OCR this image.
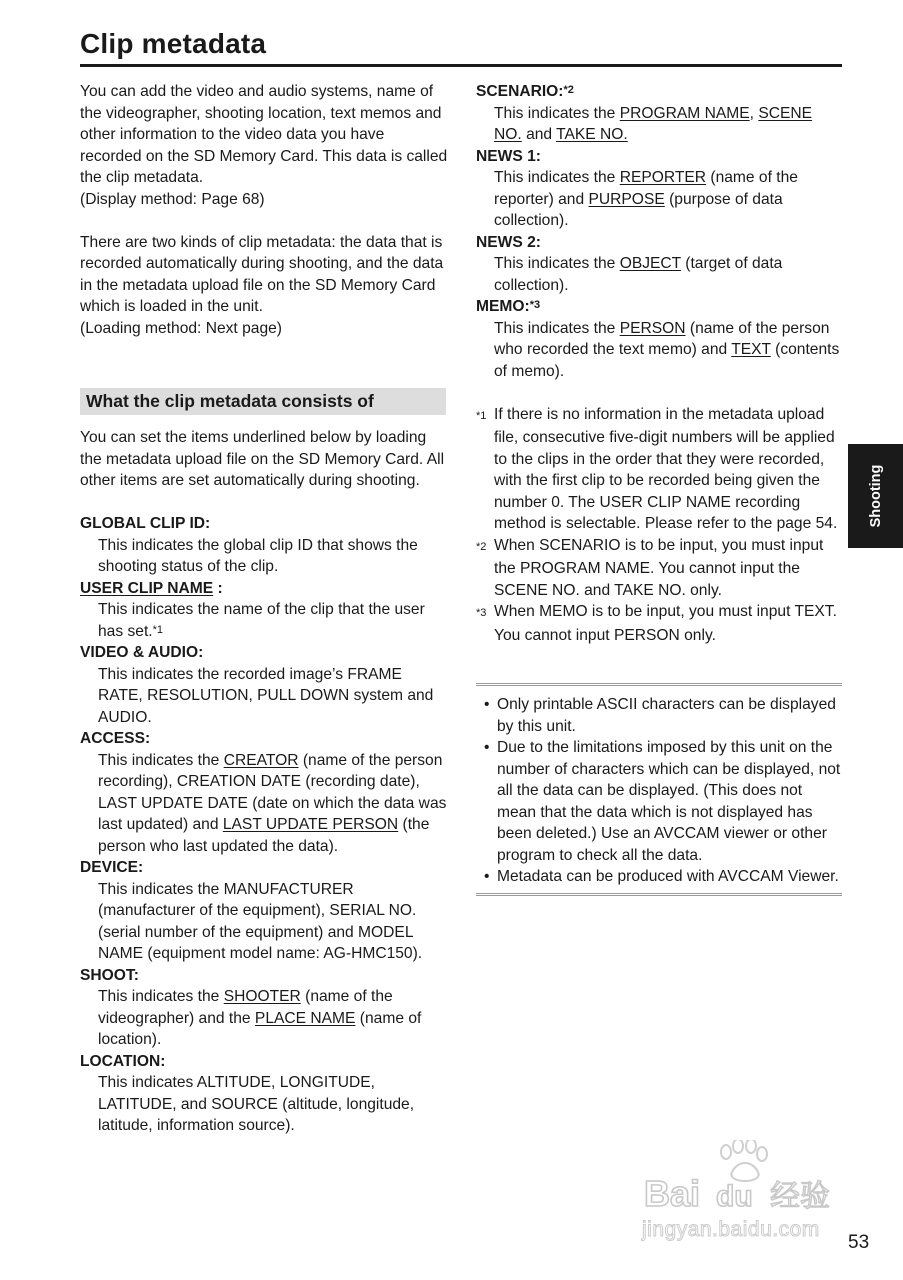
Clip metadata

You can add the video and audio systems, name of the videographer, shooting location, text memos and other information to the video data you have recorded on the SD Memory Card. This data is called the clip metadata.

(Display method: Page 68)

There are two kinds of clip metadata: the data that is recorded automatically during shooting, and the data in the metadata upload file on the SD Memory Card which is loaded in the unit.

(Loading method: Next page)

What the clip metadata consists of

You can set the items underlined below by loading the metadata upload file on the SD Memory Card. All other items are set automatically during shooting.

GLOBAL CLIP ID:
This indicates the global clip ID that shows the shooting status of the clip.
USER CLIP NAME :
This indicates the name of the clip that the user has set.$^{*1}$
VIDEO & AUDIO:
This indicates the recorded image’s FRAME RATE, RESOLUTION, PULL DOWN system and AUDIO.
ACCESS:
This indicates the CREATOR (name of the person recording), CREATION DATE (recording date), LAST UPDATE DATE (date on which the data was last updated) and LAST UPDATE PERSON (the person who last updated the data).
DEVICE:
This indicates the MANUFACTURER (manufacturer of the equipment), SERIAL NO. (serial number of the equipment) and MODEL NAME (equipment model name: AG-HMC150).
SHOOT:
This indicates the SHOOTER (name of the videographer) and the PLACE NAME (name of location).
LOCATION:
This indicates ALTITUDE, LONGITUDE, LATITUDE, and SOURCE (altitude, longitude, latitude, information source).
SCENARIO:$^{*2}$
This indicates the PROGRAM NAME, SCENE NO. and TAKE NO.
NEWS 1:
This indicates the REPORTER (name of the reporter) and PURPOSE (purpose of data collection).
NEWS 2:
This indicates the OBJECT (target of data collection).
MEMO:$^{*3}$
This indicates the PERSON (name of the person who recorded the text memo) and TEXT (contents of memo).
*1 If there is no information in the metadata upload file, consecutive five-digit numbers will be applied to the clips in the order that they were recorded, with the first clip to be recorded being given the number 0. The USER CLIP NAME recording method is selectable. Please refer to the page 54.
*2 When SCENARIO is to be input, you must input the PROGRAM NAME. You cannot input the SCENE NO. and TAKE NO. only.
*3 When MEMO is to be input, you must input TEXT. You cannot input PERSON only.
• Only printable ASCII characters can be displayed by this unit.
• Due to the limitations imposed by this unit on the number of characters which can be displayed, not all the data can be displayed. (This does not mean that the data which is not displayed has been deleted.) Use an AVCCAM viewer or other program to check all the data.
• Metadata can be produced with AVCCAM Viewer.
Shooting
Bai du 经验
jingyan.baidu.com
53
